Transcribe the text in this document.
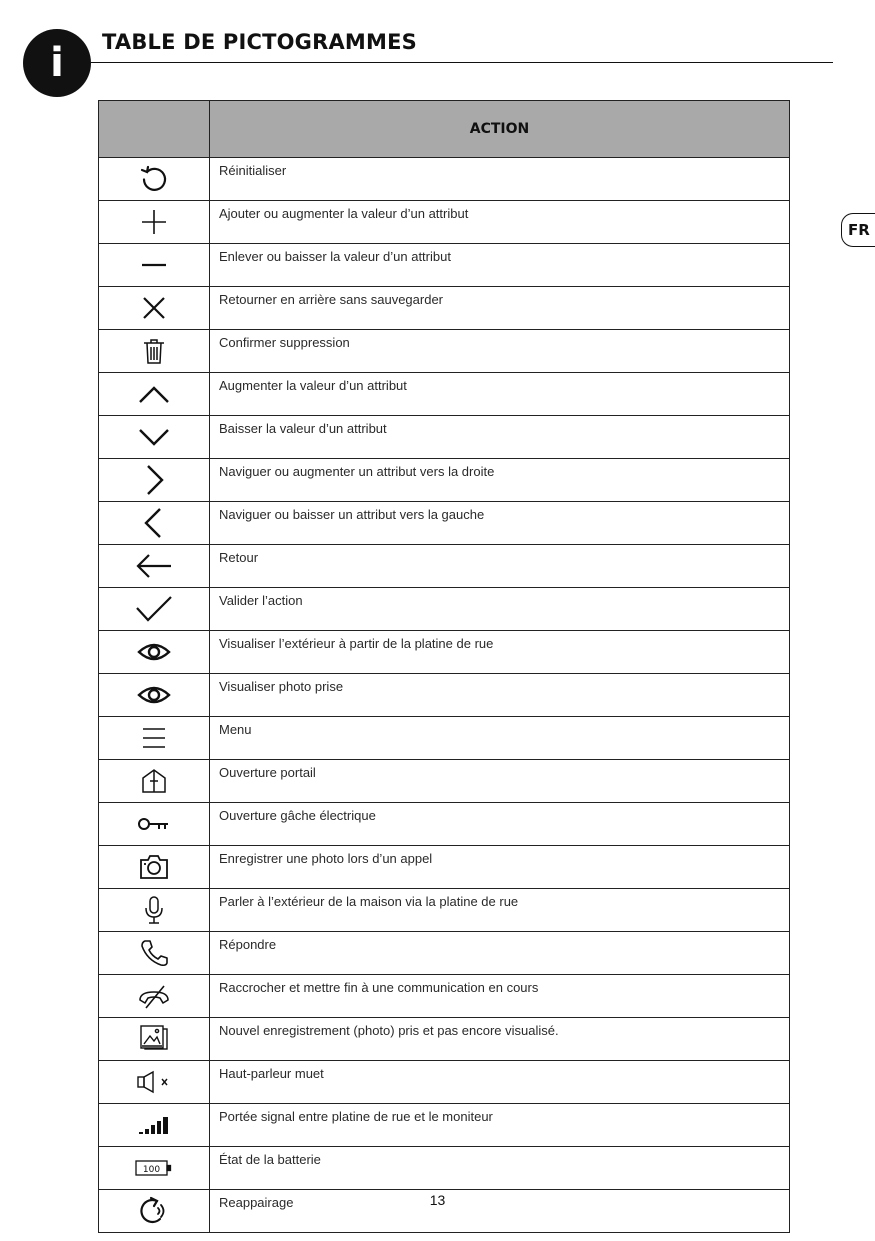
i TABLE DE PICTOGRAMMES
FR
	ACTION

	Réinitialiser

	Ajouter ou augmenter la valeur d’un attribut

	Enlever ou baisser la valeur d’un attribut

	Retourner en arrière sans sauvegarder

	Confirmer suppression

	Augmenter la valeur d’un attribut

	Baisser la valeur d’un attribut

	Naviguer ou augmenter un attribut vers la droite

	Naviguer ou baisser un attribut vers la gauche

	Retour

	Valider l’action

	Visualiser l’extérieur à partir de la platine de rue

	Visualiser photo prise

	Menu

	Ouverture portail

	Ouverture gâche électrique

	Enregistrer une photo lors d’un appel

	Parler à l’extérieur de la maison via la platine de rue

	Répondre

	Raccrocher et mettre fin à une communication en cours

	Nouvel enregistrement (photo) pris et pas encore visualisé.

	Haut-parleur muet

	Portée signal entre platine de rue et le moniteur

100	État de la batterie

	Reappairage	13
